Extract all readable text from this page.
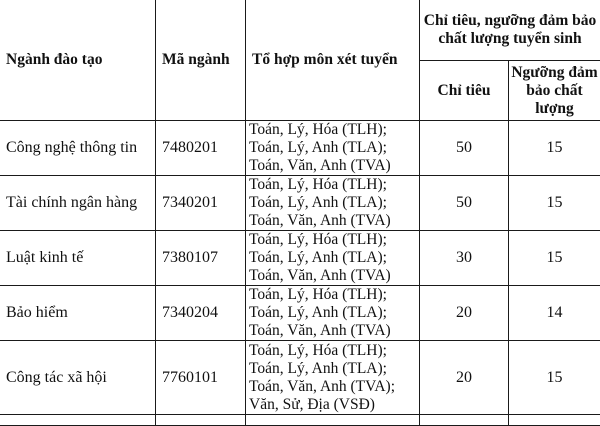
Ngành đào tạo	Mã ngành	Tổ hợp môn xét tuyển	Chỉ tiêu, ngưỡng đảm bảo chất lượng tuyển sinh	
			Chỉ tiêu	Ngưỡng đảm bảo chất lượng
Công nghệ thông tin	7480201	Toán, Lý, Hóa (TLH);
Toán, Lý, Anh (TLA);
Toán, Văn, Anh (TVA)	50	15
Tài chính ngân hàng	7340201	Toán, Lý, Hóa (TLH);
Toán, Lý, Anh (TLA);
Toán, Văn, Anh (TVA)	50	15
Luật kinh tế	7380107	Toán, Lý, Hóa (TLH);
Toán, Lý, Anh (TLA);
Toán, Văn, Anh (TVA)	30	15
Bảo hiểm	7340204	Toán, Lý, Hóa (TLH);
Toán, Lý, Anh (TLA);
Toán, Văn, Anh (TVA)	20	14
Công tác xã hội	7760101	Toán, Lý, Hóa (TLH);
Toán, Lý, Anh (TLA);
Toán, Văn, Anh (TVA);
Văn, Sử, Địa (VSĐ)	20	15
